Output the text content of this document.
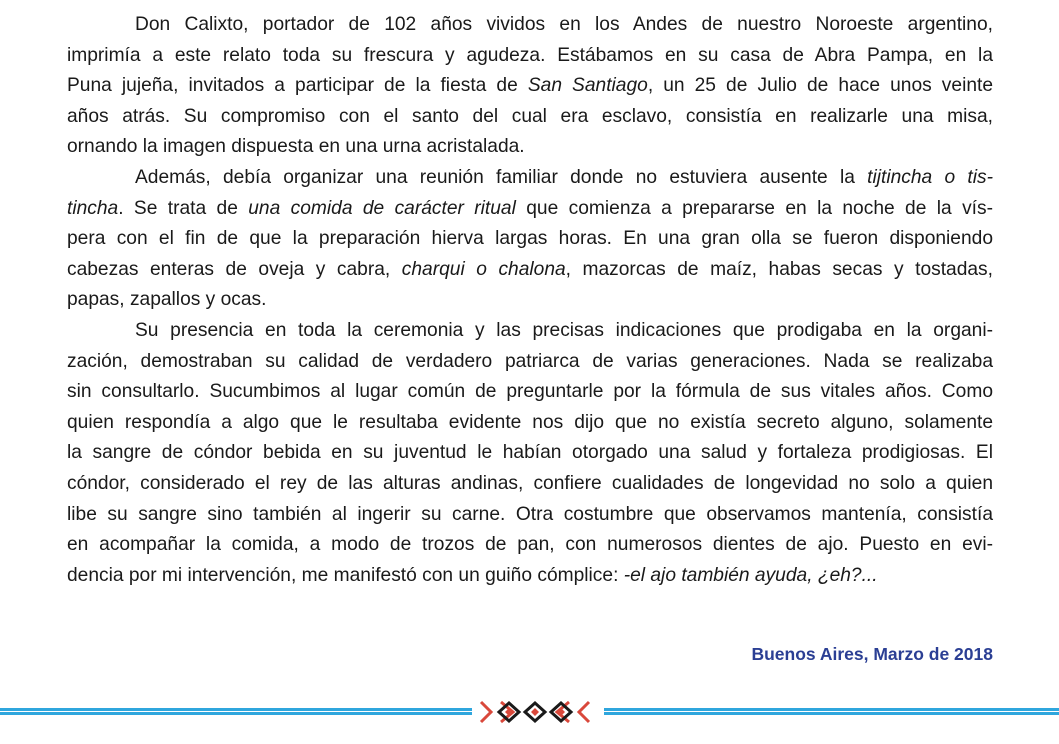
Don Calixto, portador de 102 años vividos en los Andes de nuestro Noroeste argentino,
imprimía a este relato toda su frescura y agudeza. Estábamos en su casa de Abra Pampa, en la
Puna jujeña, invitados a participar de la fiesta de San Santiago, un 25 de Julio de hace unos veinte
años atrás. Su compromiso con el santo del cual era esclavo, consistía en realizarle una misa,
ornando la imagen dispuesta en una urna acristalada.
Además, debía organizar una reunión familiar donde no estuviera ausente la tijtincha o tis-
tincha. Se trata de una comida de carácter ritual que comienza a prepararse en la noche de la vís-
pera con el fin de que la preparación hierva largas horas. En una gran olla se fueron disponiendo
cabezas enteras de oveja y cabra, charqui o chalona, mazorcas de maíz, habas secas y tostadas,
papas, zapallos y ocas.
Su presencia en toda la ceremonia y las precisas indicaciones que prodigaba en la organi-
zación, demostraban su calidad de verdadero patriarca de varias generaciones. Nada se realizaba
sin consultarlo. Sucumbimos al lugar común de preguntarle por la fórmula de sus vitales años. Como
quien respondía a algo que le resultaba evidente nos dijo que no existía secreto alguno, solamente
la sangre de cóndor bebida en su juventud le habían otorgado una salud y fortaleza prodigiosas. El
cóndor, considerado el rey de las alturas andinas, confiere cualidades de longevidad no solo a quien
libe su sangre sino también al ingerir su carne. Otra costumbre que observamos mantenía, consistía
en acompañar la comida, a modo de trozos de pan, con numerosos dientes de ajo. Puesto en evi-
dencia por mi intervención, me manifestó con un guiño cómplice: -el ajo también ayuda, ¿eh?...
Buenos Aires, Marzo de 2018
